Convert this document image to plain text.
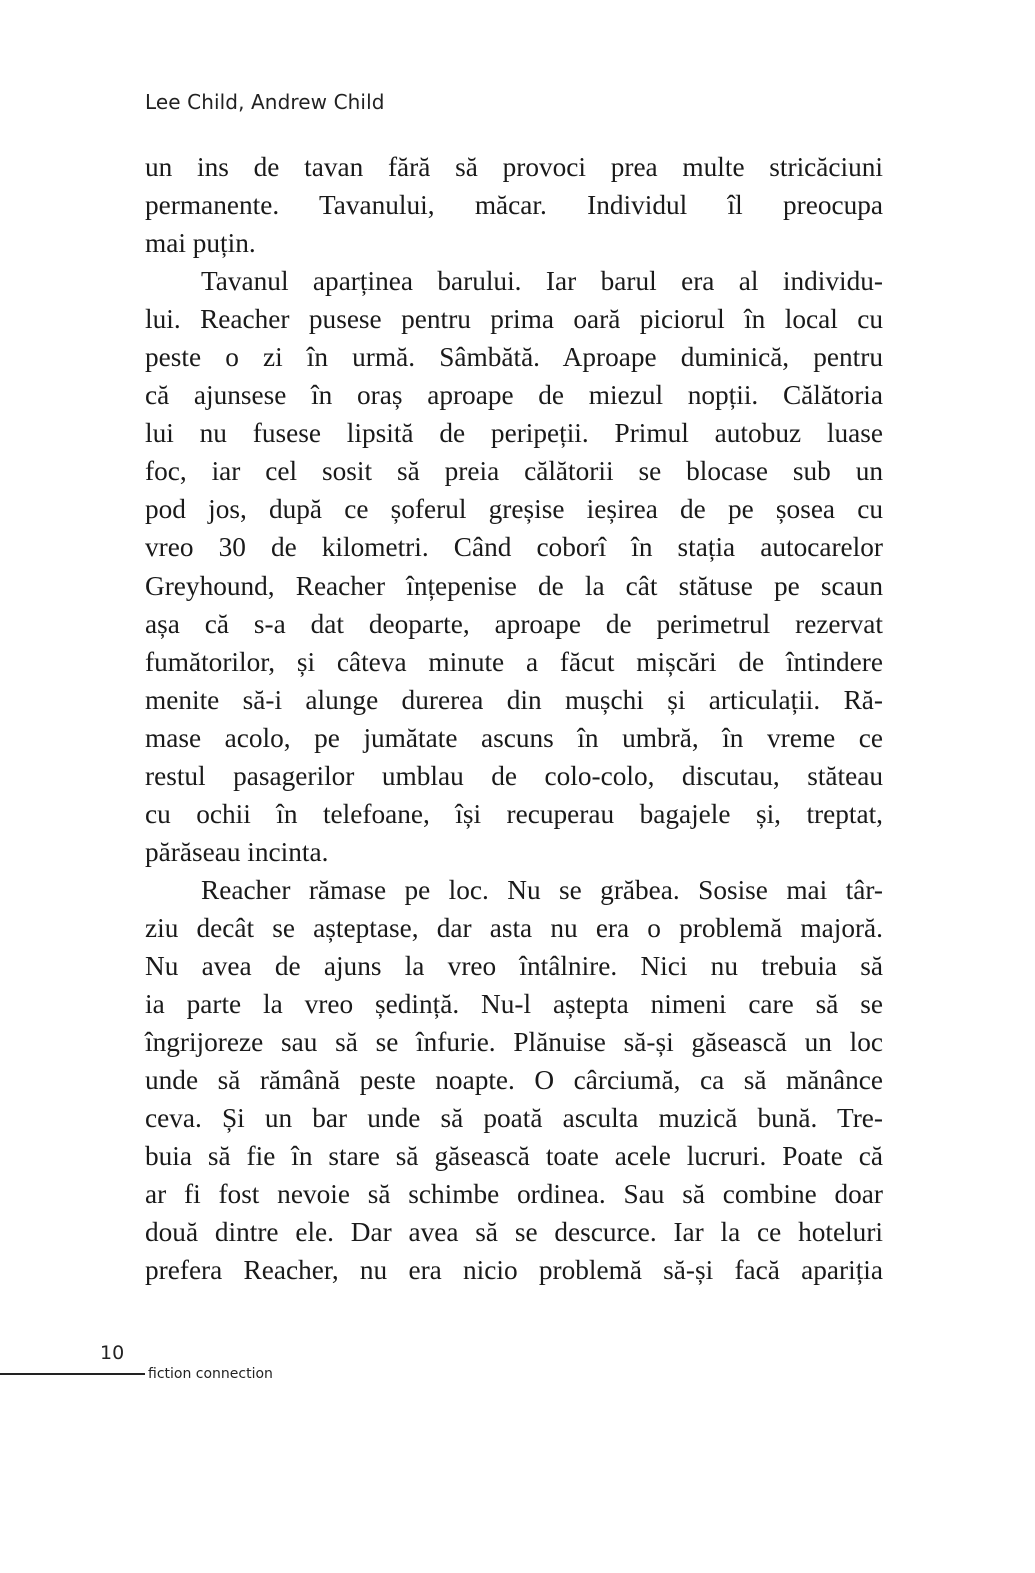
Lee Child, Andrew Child
un ins de tavan fără să provoci prea multe stricăciuni
permanente. Tavanului, măcar. Individul îl preocupa
mai puțin.
Tavanul aparținea barului. Iar barul era al individu-
lui. Reacher pusese pentru prima oară piciorul în local cu
peste o zi în urmă. Sâmbătă. Aproape duminică, pentru
că ajunsese în oraș aproape de miezul nopții. Călătoria
lui nu fusese lipsită de peripeții. Primul autobuz luase
foc, iar cel sosit să preia călătorii se blocase sub un
pod jos, după ce șoferul greșise ieșirea de pe șosea cu
vreo 30 de kilometri. Când coborî în stația autocarelor
Greyhound, Reacher înțepenise de la cât stătuse pe scaun
așa că s-a dat deoparte, aproape de perimetrul rezervat
fumătorilor, și câteva minute a făcut mișcări de întindere
menite să-i alunge durerea din mușchi și articulații. Ră-
mase acolo, pe jumătate ascuns în umbră, în vreme ce
restul pasagerilor umblau de colo-colo, discutau, stăteau
cu ochii în telefoane, își recuperau bagajele și, treptat,
părăseau incinta.
Reacher rămase pe loc. Nu se grăbea. Sosise mai târ-
ziu decât se așteptase, dar asta nu era o problemă majoră.
Nu avea de ajuns la vreo întâlnire. Nici nu trebuia să
ia parte la vreo ședință. Nu-l aștepta nimeni care să se
îngrijoreze sau să se înfurie. Plănuise să-și găsească un loc
unde să rămână peste noapte. O cârciumă, ca să mănânce
ceva. Și un bar unde să poată asculta muzică bună. Tre-
buia să fie în stare să găsească toate acele lucruri. Poate că
ar fi fost nevoie să schimbe ordinea. Sau să combine doar
două dintre ele. Dar avea să se descurce. Iar la ce hoteluri
prefera Reacher, nu era nicio problemă să-și facă apariția
10
fiction connection
